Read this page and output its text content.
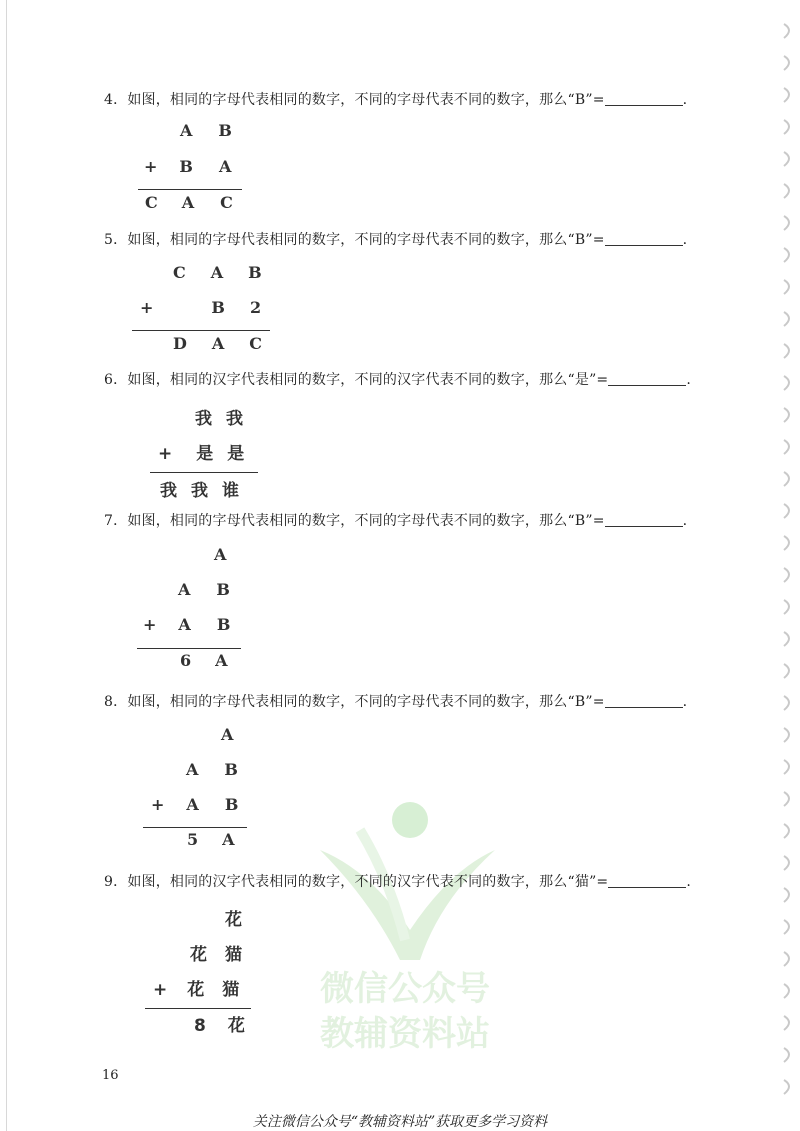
微信公众号
教辅资料站
4．如图，相同的字母代表相同的数字，不同的字母代表不同的数字，那么“B”=	.
A B
+ B A
C A C
5．如图，相同的字母代表相同的数字，不同的字母代表不同的数字，那么“B”=	.
C A B
+	B 2
D A C
6．如图，相同的汉字代表相同的数字，不同的汉字代表不同的数字，那么“是”=	.
我 我
+ 是 是
我 我 谁
7．如图，相同的字母代表相同的数字，不同的字母代表不同的数字，那么“B”=	.
A
A B
+ A B
6 A
8．如图，相同的字母代表相同的数字，不同的字母代表不同的数字，那么“B”=	.
A
A B
+ A B
5 A
9．如图，相同的汉字代表相同的数字，不同的汉字代表不同的数字，那么“猫”=	.
花
花 猫
+ 花 猫
8 花
16
关注微信公众号“教辅资料站”获取更多学习资料
